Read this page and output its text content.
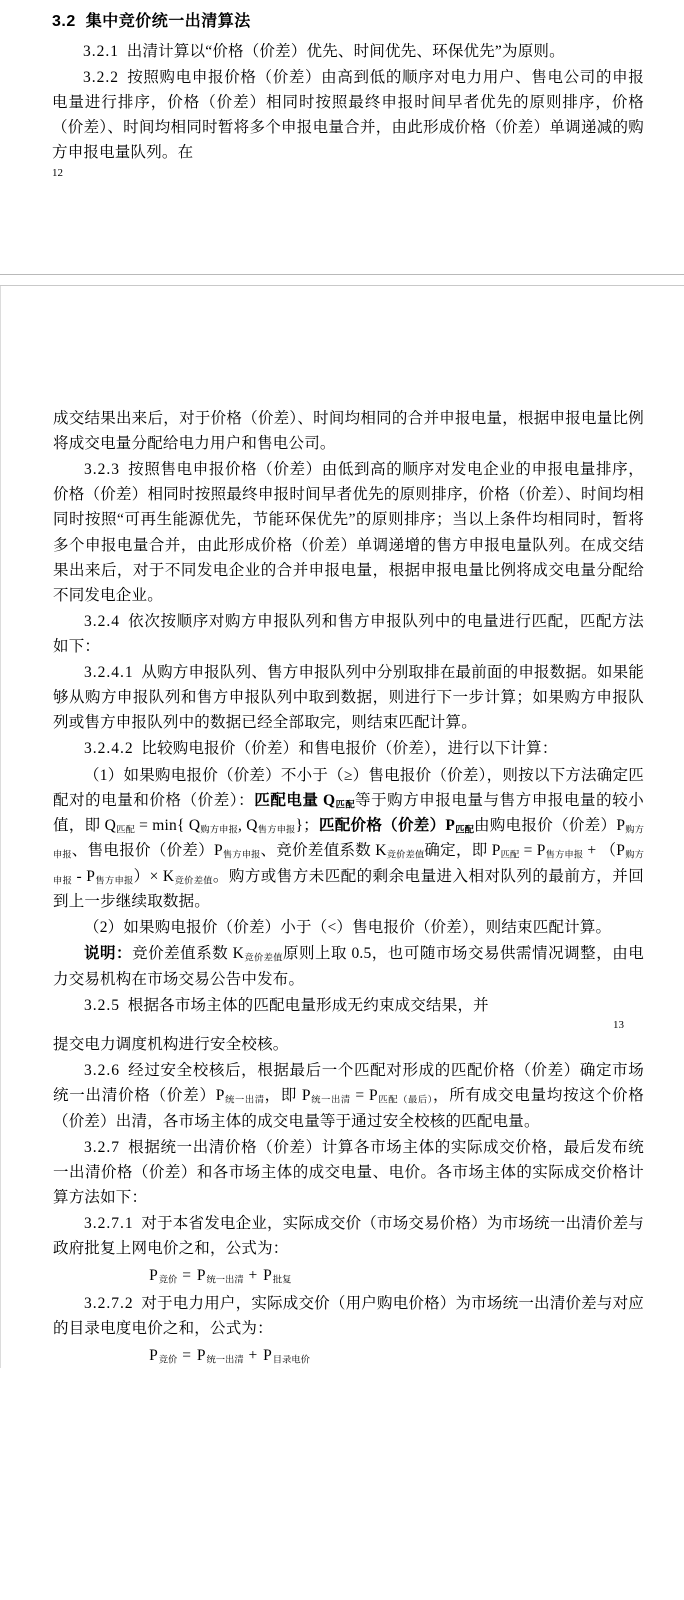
3.2 集中竞价统一出清算法

3.2.1 出清计算以“价格（价差）优先、时间优先、环保优先”为原则。

3.2.2 按照购电申报价格（价差）由高到低的顺序对电力用户、售电公司的申报电量进行排序，价格（价差）相同时按照最终申报时间早者优先的原则排序，价格（价差）、时间均相同时暂将多个申报电量合并，由此形成价格（价差）单调递减的购方申报电量队列。在

12

成交结果出来后，对于价格（价差）、时间均相同的合并申报电量，根据申报电量比例将成交电量分配给电力用户和售电公司。

3.2.3 按照售电申报价格（价差）由低到高的顺序对发电企业的申报电量排序，价格（价差）相同时按照最终申报时间早者优先的原则排序，价格（价差）、时间均相同时按照“可再生能源优先，节能环保优先”的原则排序；当以上条件均相同时，暂将多个申报电量合并，由此形成价格（价差）单调递增的售方申报电量队列。在成交结果出来后，对于不同发电企业的合并申报电量，根据申报电量比例将成交电量分配给不同发电企业。

3.2.4 依次按顺序对购方申报队列和售方申报队列中的电量进行匹配，匹配方法如下：

3.2.4.1 从购方申报队列、售方申报队列中分别取排在最前面的申报数据。如果能够从购方申报队列和售方申报队列中取到数据，则进行下一步计算；如果购方申报队列或售方申报队列中的数据已经全部取完，则结束匹配计算。

3.2.4.2 比较购电报价（价差）和售电报价（价差），进行以下计算：

（1）如果购电报价（价差）不小于（≥）售电报价（价差），则按以下方法确定匹配对的电量和价格（价差）：匹配电量 $Q_{匹配}$等于购方申报电量与售方申报电量的较小值，即 $Q_{匹配} = \min${ $Q_{购方申报}$, $Q_{售方申报}$}；匹配价格（价差）$P_{匹配}$由购电报价（价差）$P_{购方申报}$、售电报价（价差）$P_{售方申报}$、竞价差值系数 $K_{竞价差值}$确定，即 $P_{匹配} = P_{售方申报} + (P_{购方申报} - P_{售方申报})\times K_{竞价差值}$。购方或售方未匹配的剩余电量进入相对队列的最前方，并回到上一步继续取数据。

（2）如果购电报价（价差）小于（<）售电报价（价差），则结束匹配计算。

说明：竞价差值系数 $K_{竞价差值}$原则上取 0.5，也可随市场交易供需情况调整，由电力交易机构在市场交易公告中发布。

3.2.5 根据各市场主体的匹配电量形成无约束成交结果，并

13

提交电力调度机构进行安全校核。

3.2.6 经过安全校核后，根据最后一个匹配对形成的匹配价格（价差）确定市场统一出清价格（价差）$P_{统一出清}$，即 $P_{统一出清} = P_{匹配(最后)}$，所有成交电量均按这个价格（价差）出清，各市场主体的成交电量等于通过安全校核的匹配电量。

3.2.7 根据统一出清价格（价差）计算各市场主体的实际成交价格，最后发布统一出清价格（价差）和各市场主体的成交电量、电价。各市场主体的实际成交价格计算方法如下：

3.2.7.1 对于本省发电企业，实际成交价（市场交易价格）为市场统一出清价差与政府批复上网电价之和，公式为：

$P_{竞价} = P_{统一出清} + P_{批复}$

3.2.7.2 对于电力用户，实际成交价（用户购电价格）为市场统一出清价差与对应的目录电度电价之和，公式为：

$P_{竞价} = P_{统一出清} + P_{目录电价}$
